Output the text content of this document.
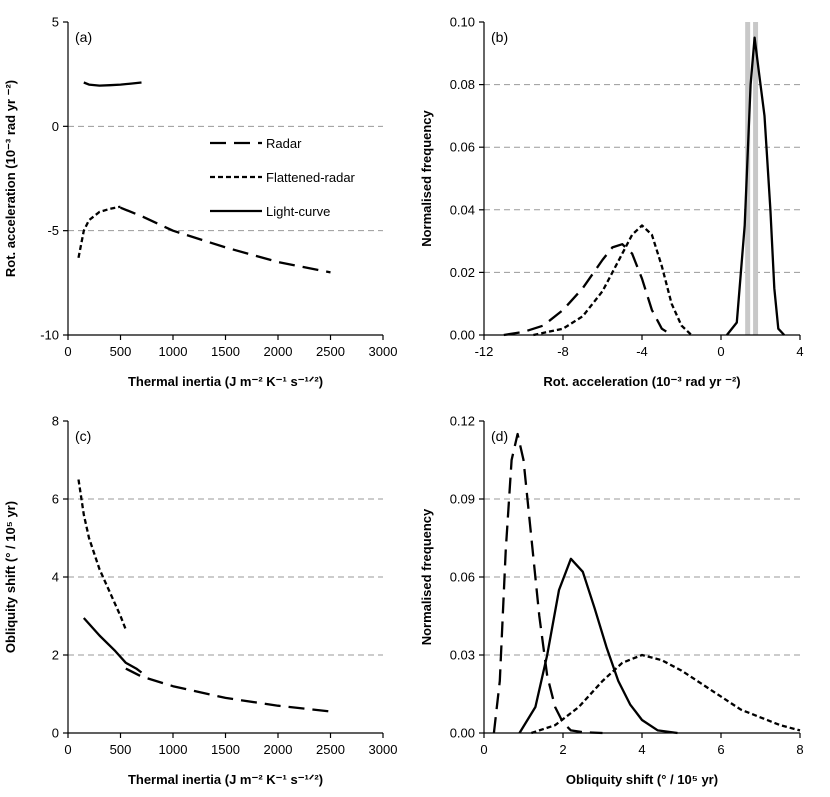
-10
-5
0
5
0	500 1000 1500 2000 2500 3000
(a)
Thermal inertia (J m⁻² K⁻¹ s⁻¹ᐟ²)
Rot. acceleration (10⁻³ rad yr ⁻²)	Radar
Flattened-radar
Light-curve
0.00
0.02
0.04
0.06
0.08
0.10
-12	-8	-4	0	4
(b)
Rot. acceleration (10⁻³ rad yr ⁻²)
Normalised frequency
0
2
4
6
8
0	500 1000 1500 2000 2500 3000
(c)
Thermal inertia (J m⁻² K⁻¹ s⁻¹ᐟ²)
Obliquity shift (° / 10⁵ yr)
0.00
0.03
0.06
0.09
0.12
0	2	4	6	8
(d)
Obliquity shift (° / 10⁵ yr)
Normalised frequency
